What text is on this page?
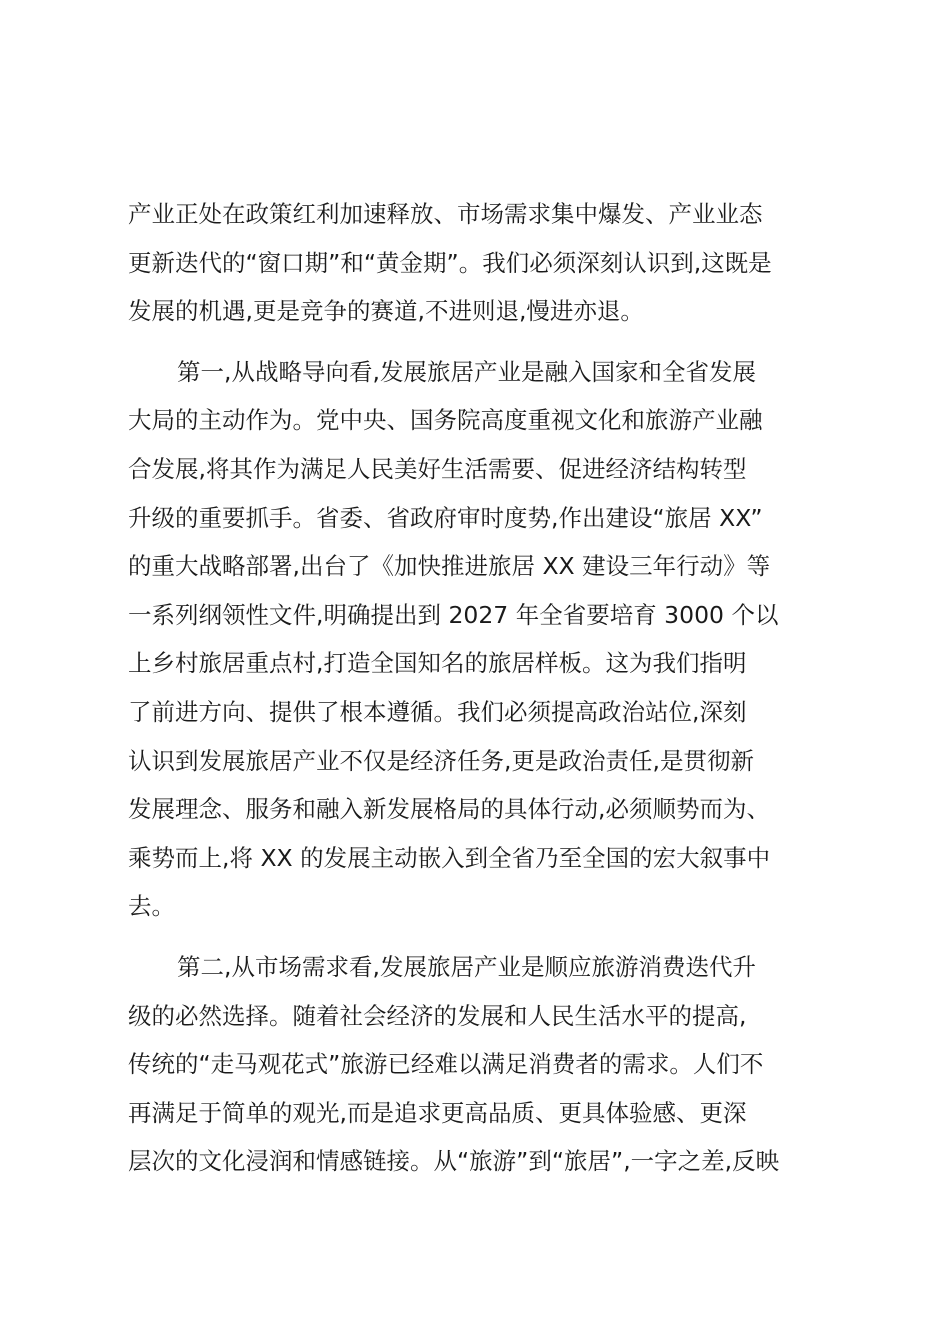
产业正处在政策红利加速释放、市场需求集中爆发、产业业态
更新迭代的“窗口期”和“黄金期”。我们必须深刻认识到,这既是
发展的机遇,更是竞争的赛道,不进则退,慢进亦退。
第一,从战略导向看,发展旅居产业是融入国家和全省发展
大局的主动作为。党中央、国务院高度重视文化和旅游产业融
合发展,将其作为满足人民美好生活需要、促进经济结构转型
升级的重要抓手。省委、省政府审时度势,作出建设“旅居 XX”
的重大战略部署,出台了《加快推进旅居 XX 建设三年行动》等
一系列纲领性文件,明确提出到 2027 年全省要培育 3000 个以
上乡村旅居重点村,打造全国知名的旅居样板。这为我们指明
了前进方向、提供了根本遵循。我们必须提高政治站位,深刻
认识到发展旅居产业不仅是经济任务,更是政治责任,是贯彻新
发展理念、服务和融入新发展格局的具体行动,必须顺势而为、
乘势而上,将 XX 的发展主动嵌入到全省乃至全国的宏大叙事中
去。
第二,从市场需求看,发展旅居产业是顺应旅游消费迭代升
级的必然选择。随着社会经济的发展和人民生活水平的提高,
传统的“走马观花式”旅游已经难以满足消费者的需求。人们不
再满足于简单的观光,而是追求更高品质、更具体验感、更深
层次的文化浸润和情感链接。从“旅游”到“旅居”,一字之差,反映
